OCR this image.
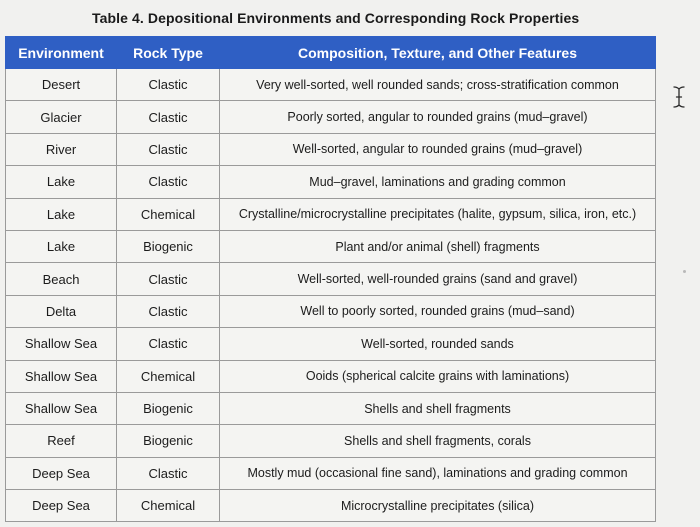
Table 4. Depositional Environments and Corresponding Rock Properties
Environment	Rock Type	Composition, Texture, and Other Features
Desert	Clastic	Very well-sorted, well rounded sands; cross-stratification common
Glacier	Clastic	Poorly sorted, angular to rounded grains (mud–gravel)
River	Clastic	Well-sorted, angular to rounded grains (mud–gravel)
Lake	Clastic	Mud–gravel, laminations and grading common
Lake	Chemical	Crystalline/microcrystalline precipitates (halite, gypsum, silica, iron, etc.)
Lake	Biogenic	Plant and/or animal (shell) fragments
Beach	Clastic	Well-sorted, well-rounded grains (sand and gravel)
Delta	Clastic	Well to poorly sorted, rounded grains (mud–sand)
Shallow Sea	Clastic	Well-sorted, rounded sands
Shallow Sea	Chemical	Ooids (spherical calcite grains with laminations)
Shallow Sea	Biogenic	Shells and shell fragments
Reef	Biogenic	Shells and shell fragments, corals
Deep Sea	Clastic	Mostly mud (occasional fine sand), laminations and grading common
Deep Sea	Chemical	Microcrystalline precipitates (silica)
